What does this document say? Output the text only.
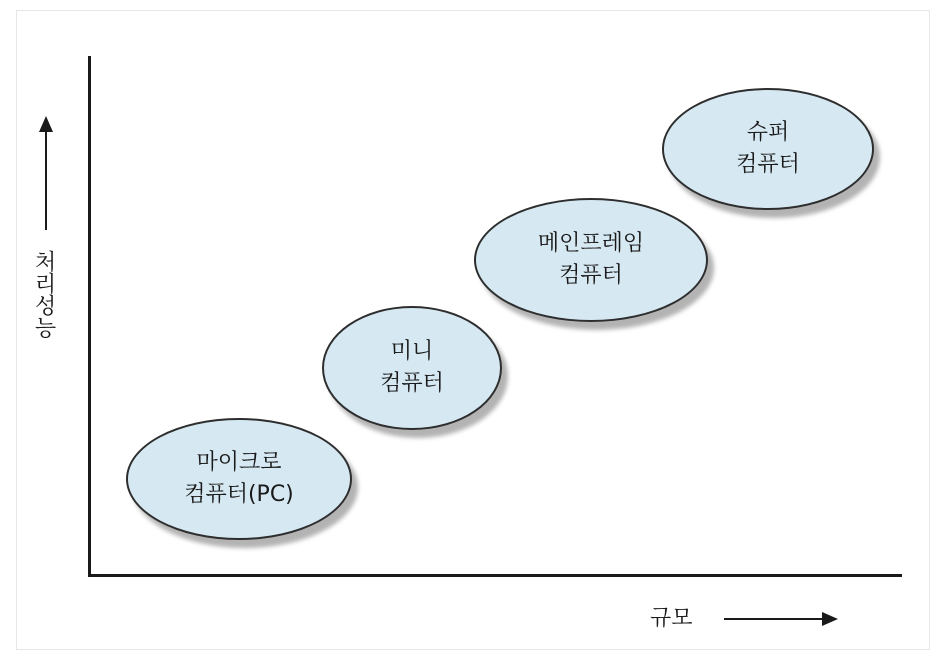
처리성능
규모
마이크로
컴퓨터(PC)
미니
컴퓨터
메인프레임
컴퓨터
슈퍼
컴퓨터
